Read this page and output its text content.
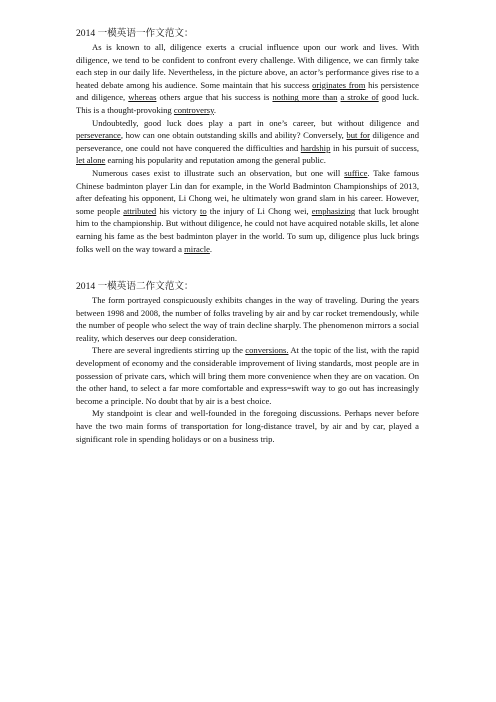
2014 一模英语一作文范文：

As is known to all, diligence exerts a crucial influence upon our work and lives. With diligence, we tend to be confident to confront every challenge. With diligence, we can firmly take each step in our daily life. Nevertheless, in the picture above, an actor’s performance gives rise to a heated debate among his audience. Some maintain that his success originates from his persistence and diligence, whereas others argue that his success is nothing more than a stroke of good luck. This is a thought-provoking controversy.

Undoubtedly, good luck does play a part in one’s career, but without diligence and perseverance, how can one obtain outstanding skills and ability? Conversely, but for diligence and perseverance, one could not have conquered the difficulties and hardship in his pursuit of success, let alone earning his popularity and reputation among the general public.

Numerous cases exist to illustrate such an observation, but one will suffice. Take famous Chinese badminton player Lin dan for example, in the World Badminton Championships of 2013, after defeating his opponent, Li Chong wei, he ultimately won grand slam in his career. However, some people attributed his victory to the injury of Li Chong wei, emphasizing that luck brought him to the championship. But without diligence, he could not have acquired notable skills, let alone earning his fame as the best badminton player in the world. To sum up, diligence plus luck brings folks well on the way toward a miracle.

2014 一模英语二作文范文：

The form portrayed conspicuously exhibits changes in the way of traveling. During the years between 1998 and 2008, the number of folks traveling by air and by car rocket tremendously, while the number of people who select the way of train decline sharply. The phenomenon mirrors a social reality, which deserves our deep consideration.

There are several ingredients stirring up the conversions. At the topic of the list, with the rapid development of economy and the considerable improvement of living standards, most people are in possession of private cars, which will bring them more convenience when they are on vacation. On the other hand, to select a far more comfortable and express=swift way to go out has increasingly become a principle. No doubt that by air is a best choice.

My standpoint is clear and well-founded in the foregoing discussions. Perhaps never before have the two main forms of transportation for long-distance travel, by air and by car, played a significant role in spending holidays or on a business trip.
